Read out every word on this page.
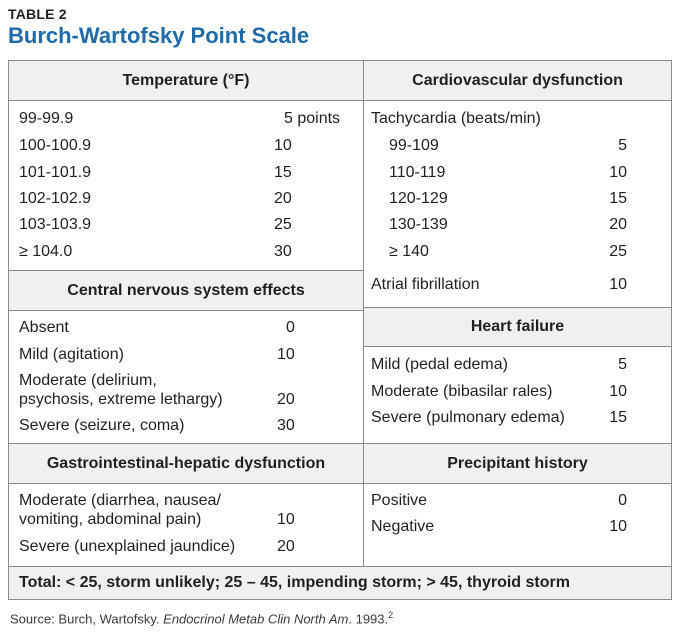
TABLE 2
Burch-Wartofsky Point Scale
Temperature (°F)
99-99.9	5 points
100-100.9	10
101-101.9	15
102-102.9	20
103-103.9	25
≥ 104.0	30
Central nervous system effects
Absent	0
Mild (agitation)	10
Moderate (delirium,
psychosis, extreme lethargy)	20
Severe (seizure, coma)	30
Gastrointestinal-hepatic dysfunction
Moderate (diarrhea, nausea/
vomiting, abdominal pain)	10
Severe (unexplained jaundice)	20
Cardiovascular dysfunction
Tachycardia (beats/min)
99-109	5
110-119	10
120-129	15
130-139	20
≥ 140	25
Atrial fibrillation	10
Heart failure
Mild (pedal edema)	5
Moderate (bibasilar rales)	10
Severe (pulmonary edema)	15
Precipitant history
Positive	0
Negative	10
Total: < 25, storm unlikely; 25 – 45, impending storm; > 45, thyroid storm
Source: Burch, Wartofsky. Endocrinol Metab Clin North Am. 1993.$^2$
